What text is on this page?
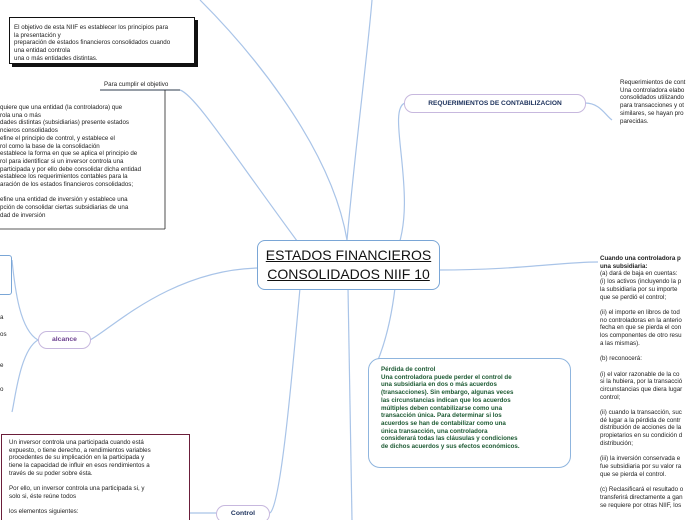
ESTADOS FINANCIEROS
CONSOLIDADOS NIIF 10
El objetivo de esta NIIF es establecer los principios para
la presentación y
preparación de estados financieros consolidados cuando
una entidad controla
una o más entidades distintas.
Para cumplir el objetivo
quiere que una entidad (la controladora) que
rola una o más
dades distintas (subsidiarias) presente estados
ncieros consolidados
efine el principio de control, y establece el
rol como la base de la consolidación
establece la forma en que se aplica el principio de
rol para identificar si un inversor controla una
participada y por ello debe consolidar dicha entidad
establece los requerimientos contables para la
aración de los estados financieros consolidados;

efine una entidad de inversión y establece una
pción de consolidar ciertas subsidiarias de una
dad de inversión
a
os
e
o
alcance
REQUERIMIENTOS DE CONTABILIZACION
Requerimientos de cont
Una controladora elabo
consolidados utilizando
para transacciones y ot
similares, se hayan pro
parecidas.
Pérdida de control
Una controladora puede perder el control de
una subsidiaria en dos o más acuerdos
(transacciones). Sin embargo, algunas veces
las circunstancias indican que los acuerdos
múltiples deben contabilizarse como una
transacción única. Para determinar si los
acuerdos se han de contabilizar como una
única transacción, una controladora
considerará todas las cláusulas y condiciones
de dichos acuerdos y sus efectos económicos.
Cuando una controladora p
una subsidiaria:
(a) dará de baja en cuentas:
(i) los activos (incluyendo la p
la subsidiaria por su importe
que se perdió el control;

(ii) el importe en libros de tod
no controladoras en la anterio
fecha en que se pierda el con
los componentes de otro resu
a las mismas).

(b) reconocerá:

(i) el valor razonable de la co
si la hubiera, por la transacció
circunstancias que diera lugar
control;

(ii) cuando la transacción, suc
dé lugar a la pérdida de contr
distribución de acciones de la
propietarios en su condición d
distribución;

(iii) la inversión conservada e
fue subsidiaria por su valor ra
que se pierda el control.

(c) Reclasificará el resultado o
transferirá directamente a gan
se requiere por otras NIIF, los
Un inversor controla una participada cuando está
expuesto, o tiene derecho, a rendimientos variables
procedentes de su implicación en la participada y
tiene la capacidad de influir en esos rendimientos a
través de su poder sobre ésta.

Por ello, un inversor controla una participada si, y
solo si, éste reúne todos

los elementos siguientes:	Control
